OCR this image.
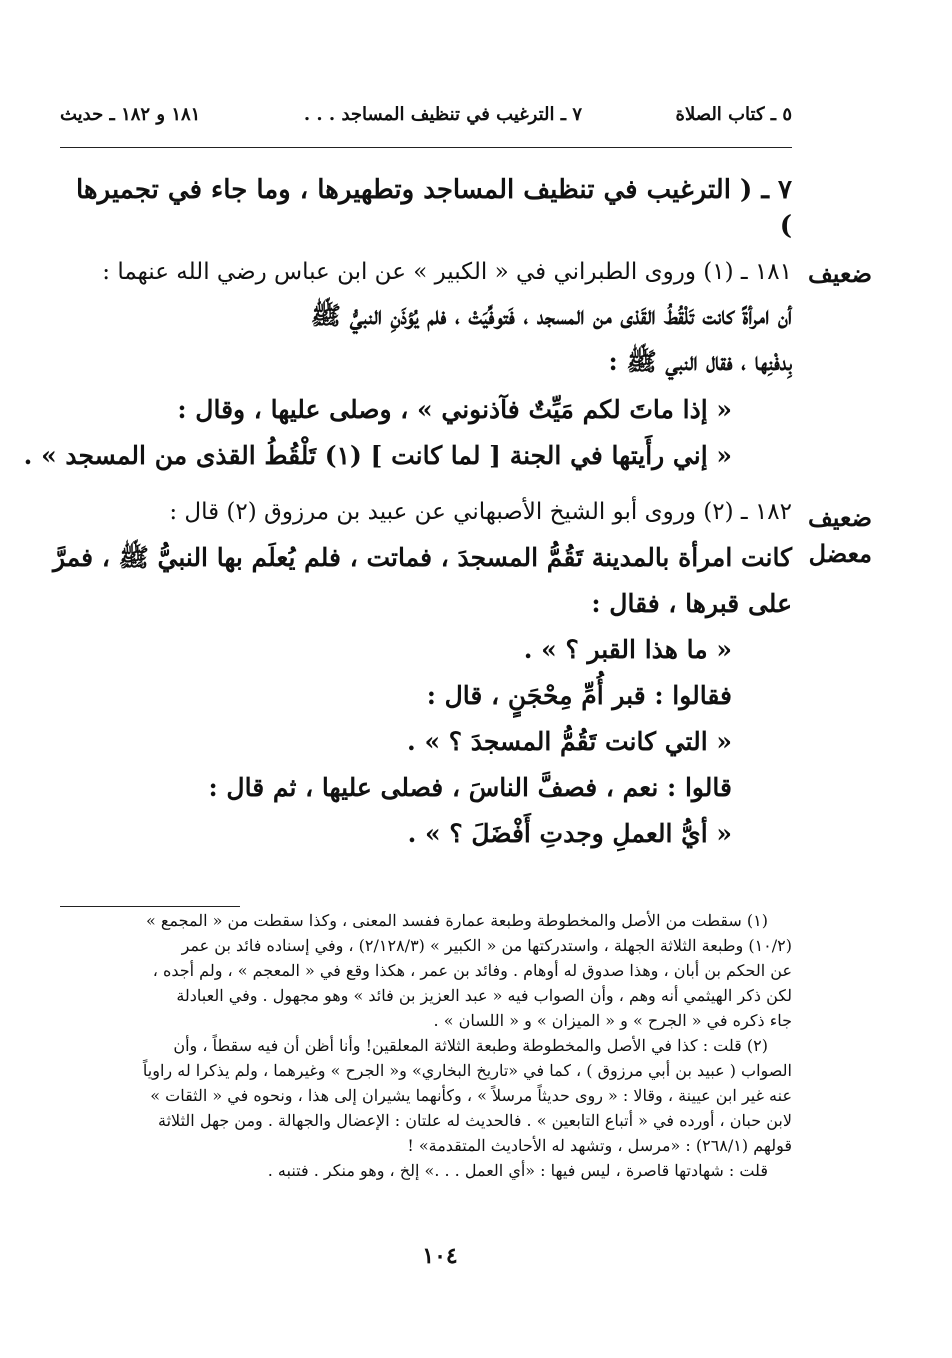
٥ ـ كتاب الصلاة
٧ ـ الترغيب في تنظيف المساجد . . .
١٨١ و ١٨٢ ـ حديث
٧ ـ ( الترغيب في تنظيف المساجد وتطهيرها ، وما جاء في تجميرها )
ضعيف
١٨١ ـ (١) وروى الطبراني في « الكبير » عن ابن عباس رضي الله عنهما :
أن امرأةً كانت تَلْقُطُ القَذى من المسجد ، فَتوفِّيَتْ ، فلم يُؤذَنِ النبيُّ ﷺ
بِدفْنِها ، فقال النبي ﷺ :
« إذا ماتَ لكم مَيِّتٌ فآذنوني » ، وصلى عليها ، وقال :
« إني رأَيتها في الجنة [ لما كانت ] (١) تَلْقُطُ القذى من المسجد » .
ضعيف
معضل
١٨٢ ـ (٢) وروى أبو الشيخ الأصبهاني عن عبيد بن مرزوق (٢) قال :
كانت امرأة بالمدينة تَقُمُّ المسجدَ ، فماتت ، فلم يُعلَم بها النبيُّ ﷺ ، فمرَّ
على قبرها ، فقال :
« ما هذا القبر ؟ » .
فقالوا : قبر أُمِّ مِحْجَنٍ ، قال :
« التي كانت تَقُمُّ المسجدَ ؟ » .
قالوا : نعم ، فصفَّ الناسَ ، فصلى عليها ، ثم قال :
« أيُّ العملِ وجدتِ أَفْضَلَ ؟ » .
(١) سقطت من الأصل والمخطوطة وطبعة عمارة ففسد المعنى ، وكذا سقطت من « المجمع »
(١٠/٢) وطبعة الثلاثة الجهلة ، واستدركتها من « الكبير » (٢/١٢٨/٣) ، وفي إسناده فائد بن عمر
عن الحكم بن أبان ، وهذا صدوق له أوهام . وفائد بن عمر ، هكذا وقع في « المعجم » ، ولم أجده ،
لكن ذكر الهيثمي أنه وهم ، وأن الصواب فيه « عبد العزيز بن فائد » وهو مجهول . وفي العبادلة
جاء ذكره في « الجرح » و « الميزان » و « اللسان » .
(٢) قلت : كذا في الأصل والمخطوطة وطبعة الثلاثة المعلقين! وأنا أظن أن فيه سقطاً ، وأن
الصواب ( عبيد بن أبي مرزوق ) ، كما في «تاريخ البخاري» و« الجرح » وغيرهما ، ولم يذكرا له راوياً
عنه غير ابن عيينة ، وقالا : « روى حديثاً مرسلاً » ، وكأنهما يشيران إلى هذا ، ونحوه في « الثقات »
لابن حبان ، أورده في « أتباع التابعين » . فالحديث له علتان : الإعضال والجهالة . ومن جهل الثلاثة
قولهم (٢٦٨/١) : «مرسل ، وتشهد له الأحاديث المتقدمة» !
قلت : شهادتها قاصرة ، ليس فيها : «أي العمل . . .» إلخ ، وهو منكر . فتنبه .
١٠٤
